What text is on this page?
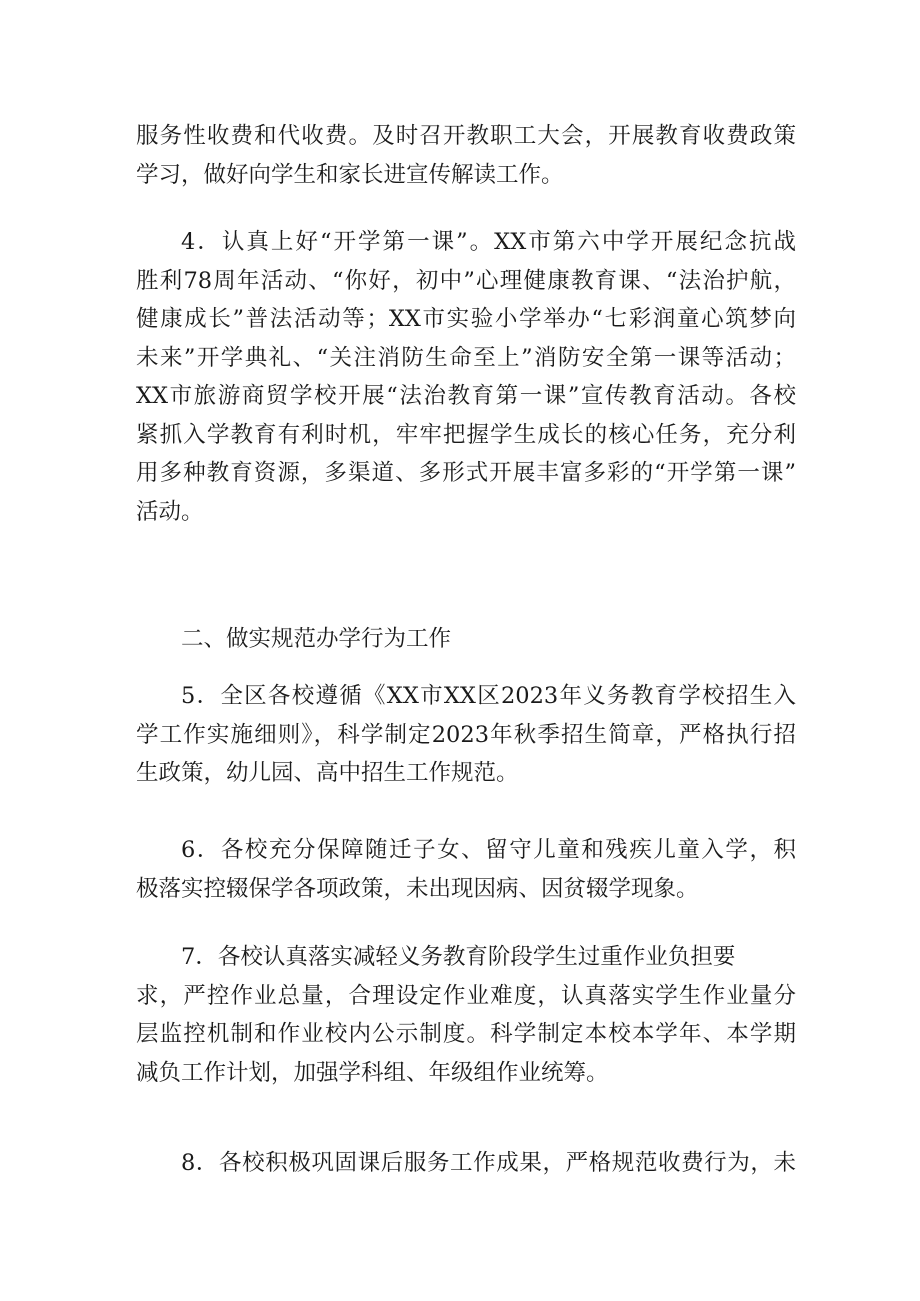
服务性收费和代收费。及时召开教职工大会，开展教育收费政策
学习，做好向学生和家长进宣传解读工作。
4．认真上好“开学第一课”。XX市第六中学开展纪念抗战
胜利78周年活动、“你好，初中”心理健康教育课、“法治护航，
健康成长”普法活动等；XX市实验小学举办“七彩润童心筑梦向
未来”开学典礼、“关注消防生命至上”消防安全第一课等活动；
XX市旅游商贸学校开展“法治教育第一课”宣传教育活动。各校
紧抓入学教育有利时机，牢牢把握学生成长的核心任务，充分利
用多种教育资源，多渠道、多形式开展丰富多彩的“开学第一课”
活动。
二、做实规范办学行为工作
5．全区各校遵循《XX市XX区2023年义务教育学校招生入
学工作实施细则》，科学制定2023年秋季招生简章，严格执行招
生政策，幼儿园、高中招生工作规范。
6．各校充分保障随迁子女、留守儿童和残疾儿童入学，积
极落实控辍保学各项政策，未出现因病、因贫辍学现象。
7．各校认真落实减轻义务教育阶段学生过重作业负担要
求，严控作业总量，合理设定作业难度，认真落实学生作业量分
层监控机制和作业校内公示制度。科学制定本校本学年、本学期
减负工作计划，加强学科组、年级组作业统筹。
8．各校积极巩固课后服务工作成果，严格规范收费行为，未
